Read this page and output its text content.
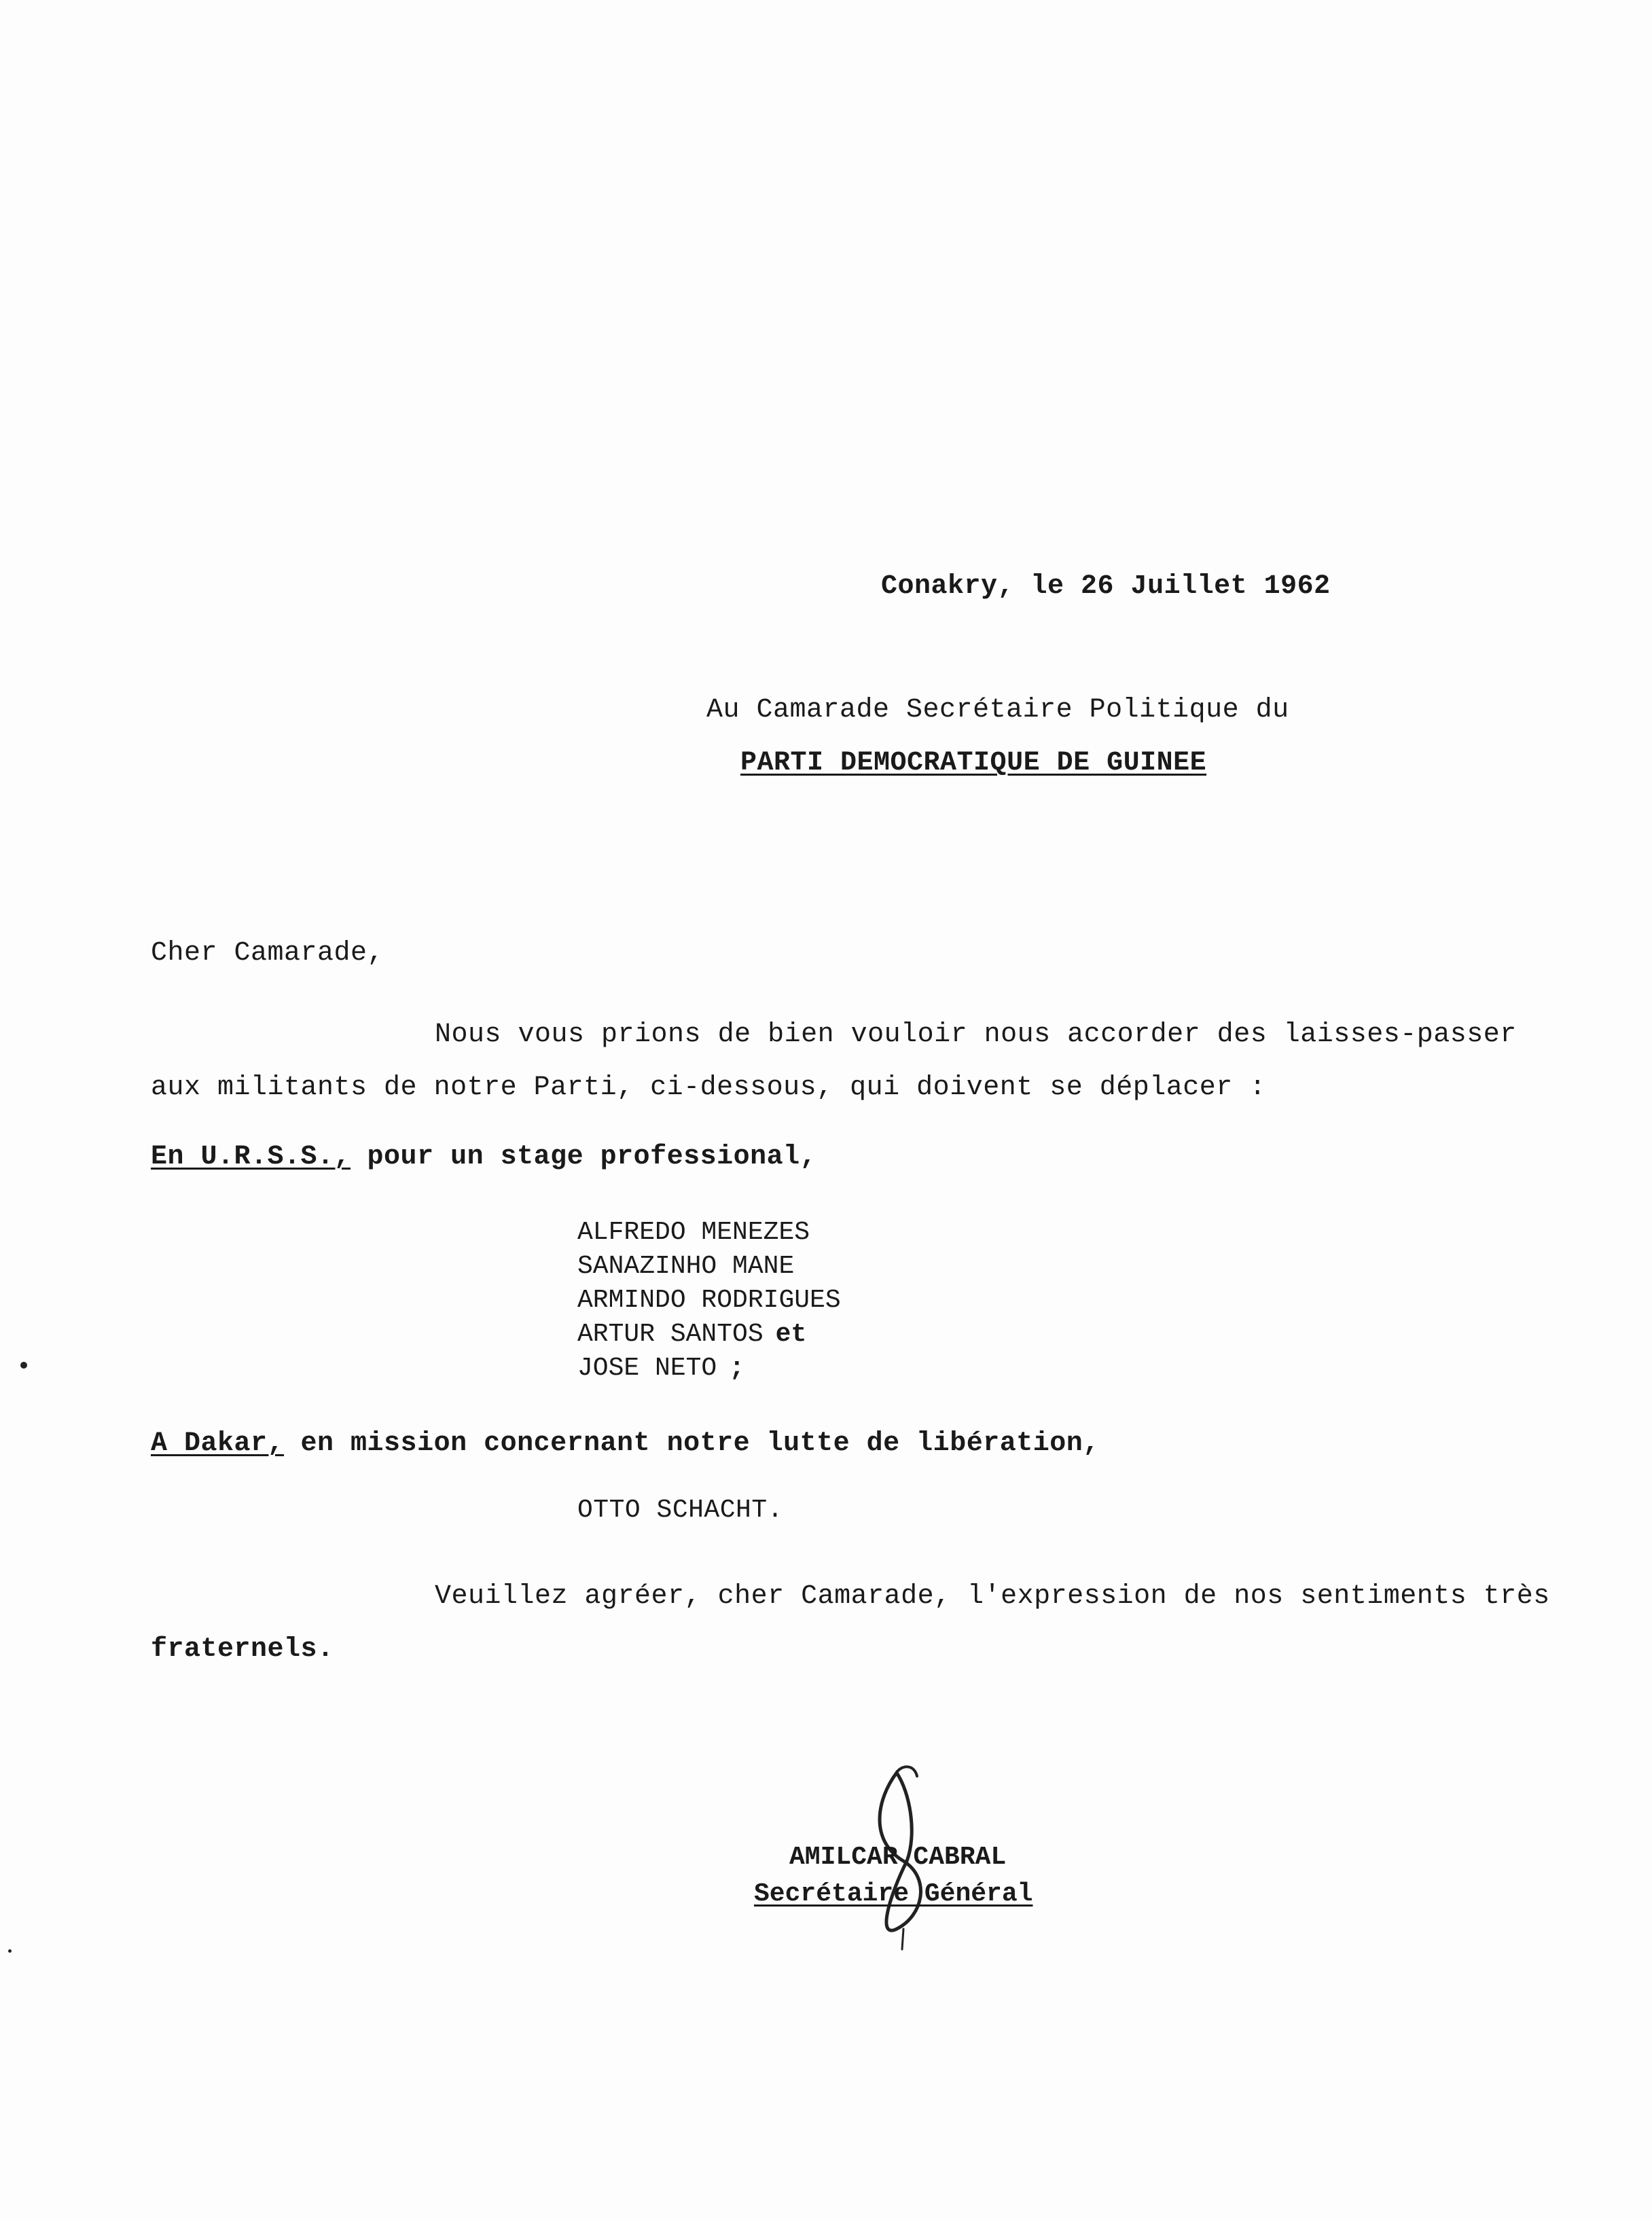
Conakry, le 26 Juillet 1962
Au Camarade Secrétaire Politique du
PARTI DEMOCRATIQUE DE GUINEE
Cher Camarade,
Nous vous prions de bien vouloir nous accorder des laisses-passer
aux militants de notre Parti, ci-dessous, qui doivent se déplacer :
En U.R.S.S., pour un stage professional,
ALFREDO MENEZES
SANAZINHO MANE
ARMINDO RODRIGUES
ARTUR SANTOS et
JOSE NETO ;
A Dakar, en mission concernant notre lutte de libération,
OTTO SCHACHT.
Veuillez agréer, cher Camarade, l'expression de nos sentiments très
fraternels.
AMILCAR CABRAL
Secrétaire Général
